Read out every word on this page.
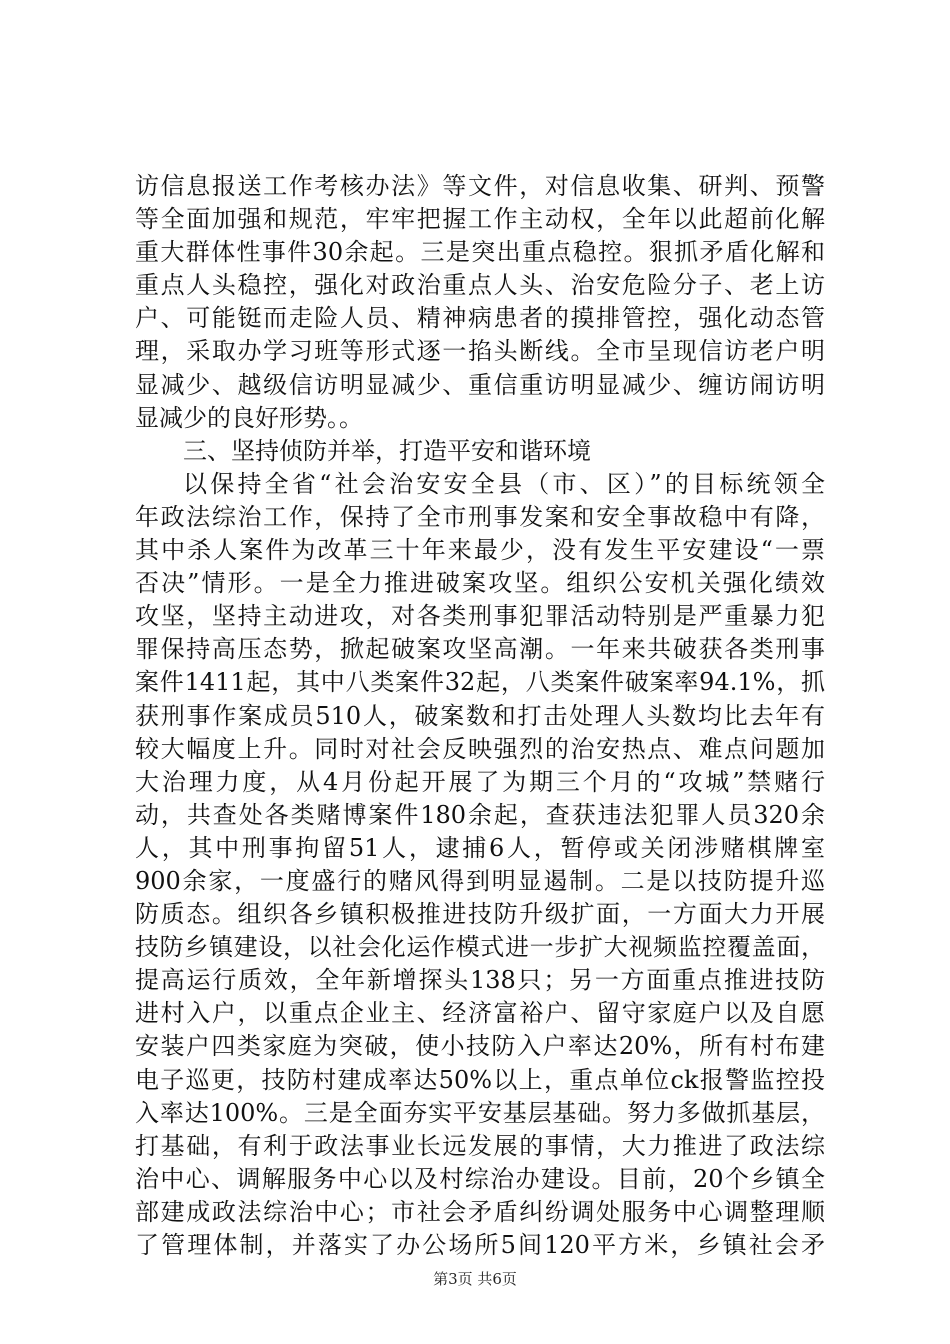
访信息报送工作考核办法》等文件，对信息收集、研判、预警
等全面加强和规范，牢牢把握工作主动权，全年以此超前化解
重大群体性事件30余起。三是突出重点稳控。狠抓矛盾化解和
重点人头稳控，强化对政治重点人头、治安危险分子、老上访
户、可能铤而走险人员、精神病患者的摸排管控，强化动态管
理，采取办学习班等形式逐一掐头断线。全市呈现信访老户明
显减少、越级信访明显减少、重信重访明显减少、缠访闹访明
显减少的良好形势。。
三、坚持侦防并举，打造平安和谐环境
以保持全省“社会治安安全县（市、区）”的目标统领全
年政法综治工作，保持了全市刑事发案和安全事故稳中有降，
其中杀人案件为改革三十年来最少，没有发生平安建设“一票
否决”情形。一是全力推进破案攻坚。组织公安机关强化绩效
攻坚，坚持主动进攻，对各类刑事犯罪活动特别是严重暴力犯
罪保持高压态势，掀起破案攻坚高潮。一年来共破获各类刑事
案件1411起，其中八类案件32起，八类案件破案率94.1%，抓
获刑事作案成员510人，破案数和打击处理人头数均比去年有
较大幅度上升。同时对社会反映强烈的治安热点、难点问题加
大治理力度，从4月份起开展了为期三个月的“攻城”禁赌行
动，共查处各类赌博案件180余起，查获违法犯罪人员320余
人，其中刑事拘留51人，逮捕6人，暂停或关闭涉赌棋牌室
900余家，一度盛行的赌风得到明显遏制。二是以技防提升巡
防质态。组织各乡镇积极推进技防升级扩面，一方面大力开展
技防乡镇建设，以社会化运作模式进一步扩大视频监控覆盖面，
提高运行质效，全年新增探头138只；另一方面重点推进技防
进村入户，以重点企业主、经济富裕户、留守家庭户以及自愿
安装户四类家庭为突破，使小技防入户率达20%，所有村布建
电子巡更，技防村建成率达50%以上，重点单位ck报警监控投
入率达100%。三是全面夯实平安基层基础。努力多做抓基层，
打基础，有利于政法事业长远发展的事情，大力推进了政法综
治中心、调解服务中心以及村综治办建设。目前，20个乡镇全
部建成政法综治中心；市社会矛盾纠纷调处服务中心调整理顺
了管理体制，并落实了办公场所5间120平方米，乡镇社会矛
第3页 共6页
